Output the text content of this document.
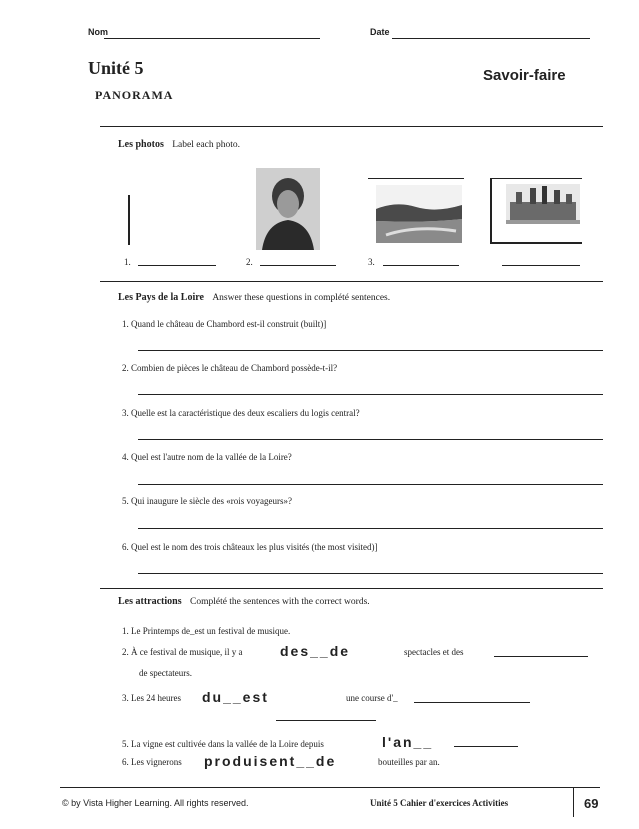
Nom	Date
Unité 5	Savoir-faire
PANORAMA
Les photos Label each photo.
1.	2.	3.
Les Pays de la Loire Answer these questions in complété sentences.
1. Quand le château de Chambord est-il construit (built)]
2. Combien de pièces le château de Chambord possède-t-il?
3. Quelle est la caractéristique des deux escaliers du logis central?
4. Quel est l'autre nom de la vallée de la Loire?
5. Qui inaugure le siècle des «rois voyageurs»?
6. Quel est le nom des trois châteaux les plus visités (the most visited)]
Les attractions Complété the sentences with the correct words.
1. Le Printemps de_est un festival de musique.
2. À ce festival de musique, il y a	des__de	spectacles et des
de spectateurs.
3. Les 24 heures du__est	une course d'_
5. La vigne est cultivée dans la vallée de la Loire depuis	l'an__
6. Les vignerons produisent__de	bouteilles par an.
© by Vista Higher Learning. All rights reserved.	Unité 5 Cahier d'exercices Activities	69
